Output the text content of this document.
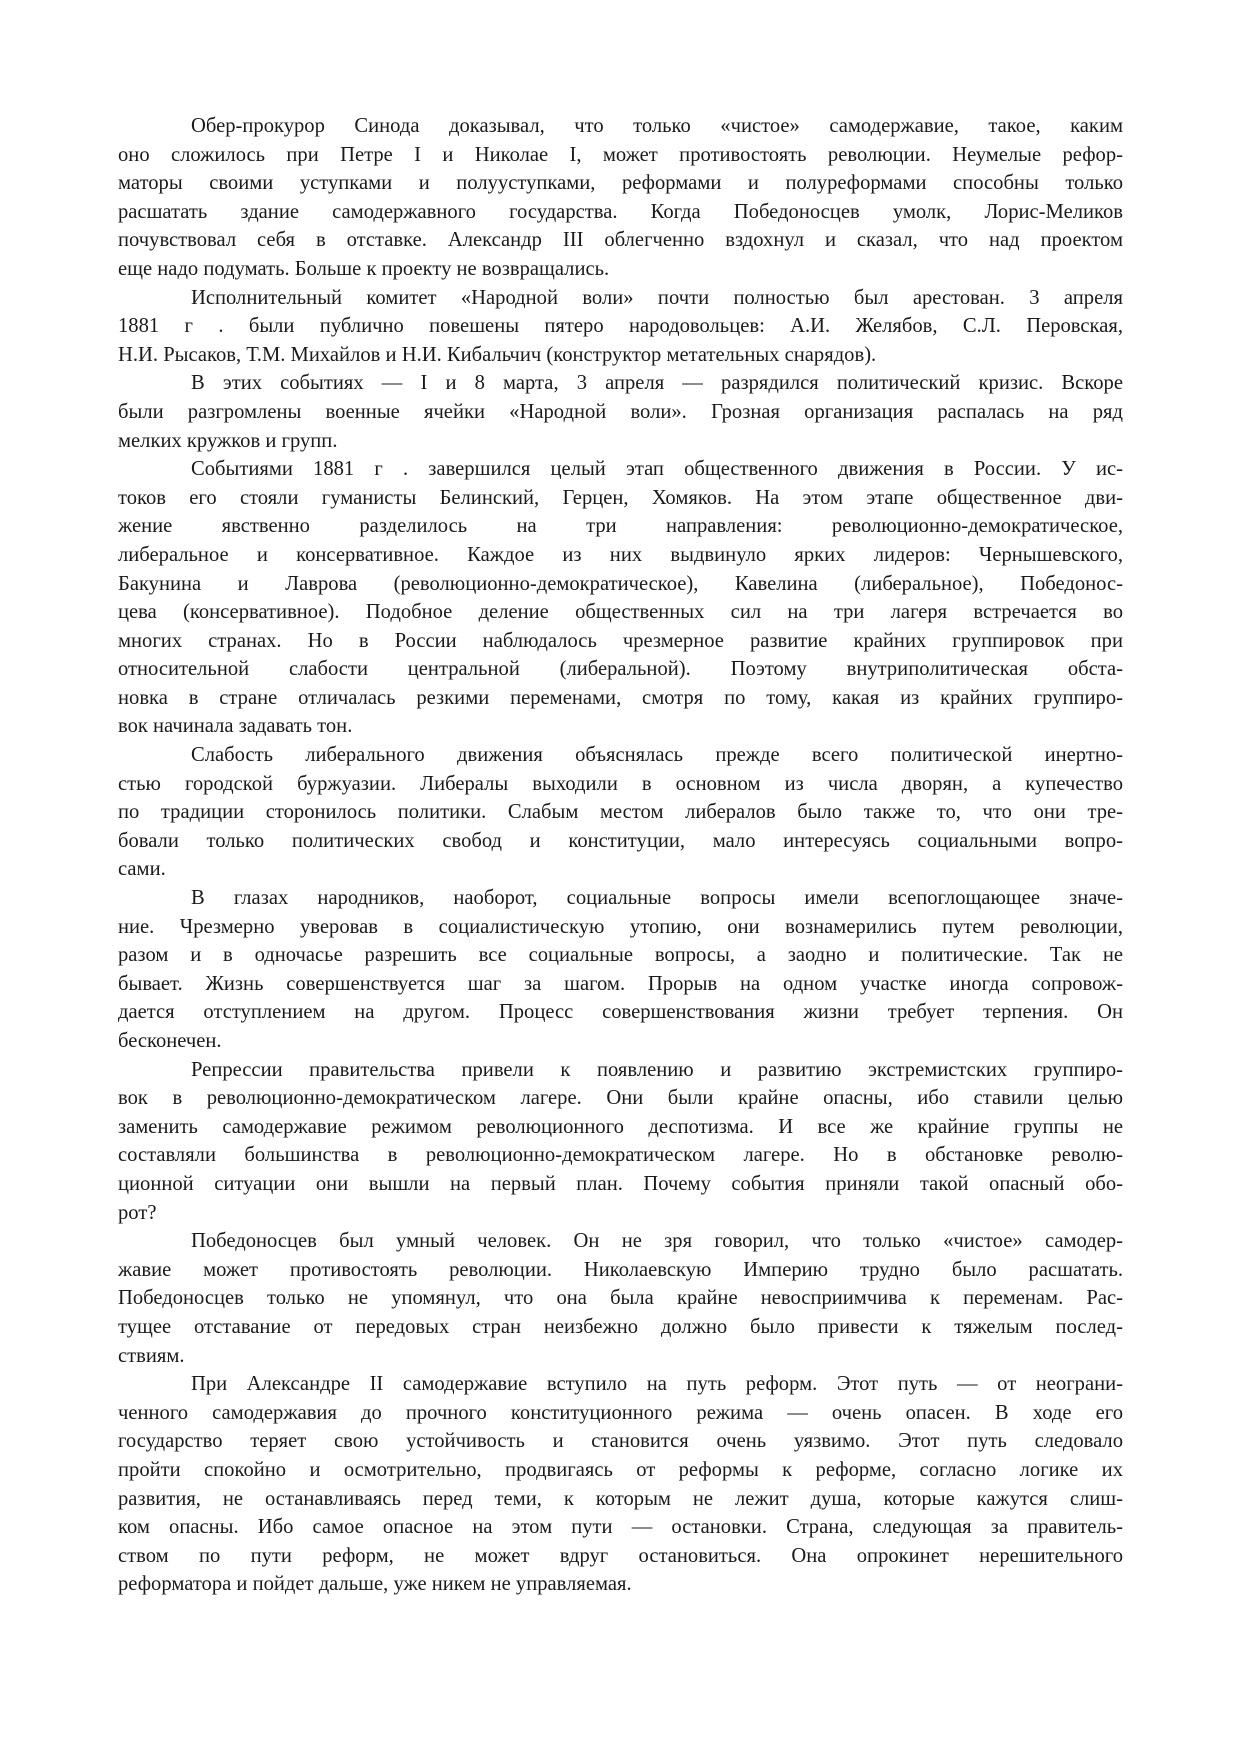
Обер-прокурор Синода доказывал, что только «чистое» самодержавие, такое, каким
оно сложилось при Петре I и Николае I, может противостоять революции. Неумелые рефор-
маторы своими уступками и полууступками, реформами и полуреформами способны только
расшатать здание самодержавного государства. Когда Победоносцев умолк, Лорис-Меликов
почувствовал себя в отставке. Александр III облегченно вздохнул и сказал, что над проектом
еще надо подумать. Больше к проекту не возвращались.
Исполнительный комитет «Народной воли» почти полностью был арестован. 3 апреля
1881 г . были публично повешены пятеро народовольцев: А.И. Желябов, С.Л. Перовская,
Н.И. Рысаков, Т.М. Михайлов и Н.И. Кибальчич (конструктор метательных снарядов).
В этих событиях — I и 8 марта, 3 апреля — разрядился политический кризис. Вскоре
были разгромлены военные ячейки «Народной воли». Грозная организация распалась на ряд
мелких кружков и групп.
Событиями 1881 г . завершился целый этап общественного движения в России. У ис-
токов его стояли гуманисты Белинский, Герцен, Хомяков. На этом этапе общественное дви-
жение явственно разделилось на три направления: революционно-демократическое,
либеральное и консервативное. Каждое из них выдвинуло ярких лидеров: Чернышевского,
Бакунина и Лаврова (революционно-демократическое), Кавелина (либеральное), Победонос-
цева (консервативное). Подобное деление общественных сил на три лагеря встречается во
многих странах. Но в России наблюдалось чрезмерное развитие крайних группировок при
относительной слабости центральной (либеральной). Поэтому внутриполитическая обста-
новка в стране отличалась резкими переменами, смотря по тому, какая из крайних группиро-
вок начинала задавать тон.
Слабость либерального движения объяснялась прежде всего политической инертно-
стью городской буржуазии. Либералы выходили в основном из числа дворян, а купечество
по традиции сторонилось политики. Слабым местом либералов было также то, что они тре-
бовали только политических свобод и конституции, мало интересуясь социальными вопро-
сами.
В глазах народников, наоборот, социальные вопросы имели всепоглощающее значе-
ние. Чрезмерно уверовав в социалистическую утопию, они вознамерились путем революции,
разом и в одночасье разрешить все социальные вопросы, а заодно и политические. Так не
бывает. Жизнь совершенствуется шаг за шагом. Прорыв на одном участке иногда сопровож-
дается отступлением на другом. Процесс совершенствования жизни требует терпения. Он
бесконечен.
Репрессии правительства привели к появлению и развитию экстремистских группиро-
вок в революционно-демократическом лагере. Они были крайне опасны, ибо ставили целью
заменить самодержавие режимом революционного деспотизма. И все же крайние группы не
составляли большинства в революционно-демократическом лагере. Но в обстановке револю-
ционной ситуации они вышли на первый план. Почему события приняли такой опасный обо-
рот?
Победоносцев был умный человек. Он не зря говорил, что только «чистое» самодер-
жавие может противостоять революции. Николаевскую Империю трудно было расшатать.
Победоносцев только не упомянул, что она была крайне невосприимчива к переменам. Рас-
тущее отставание от передовых стран неизбежно должно было привести к тяжелым послед-
ствиям.
При Александре II самодержавие вступило на путь реформ. Этот путь — от неограни-
ченного самодержавия до прочного конституционного режима — очень опасен. В ходе его
государство теряет свою устойчивость и становится очень уязвимо. Этот путь следовало
пройти спокойно и осмотрительно, продвигаясь от реформы к реформе, согласно логике их
развития, не останавливаясь перед теми, к которым не лежит душа, которые кажутся слиш-
ком опасны. Ибо самое опасное на этом пути — остановки. Страна, следующая за правитель-
ством по пути реформ, не может вдруг остановиться. Она опрокинет нерешительного
реформатора и пойдет дальше, уже никем не управляемая.
